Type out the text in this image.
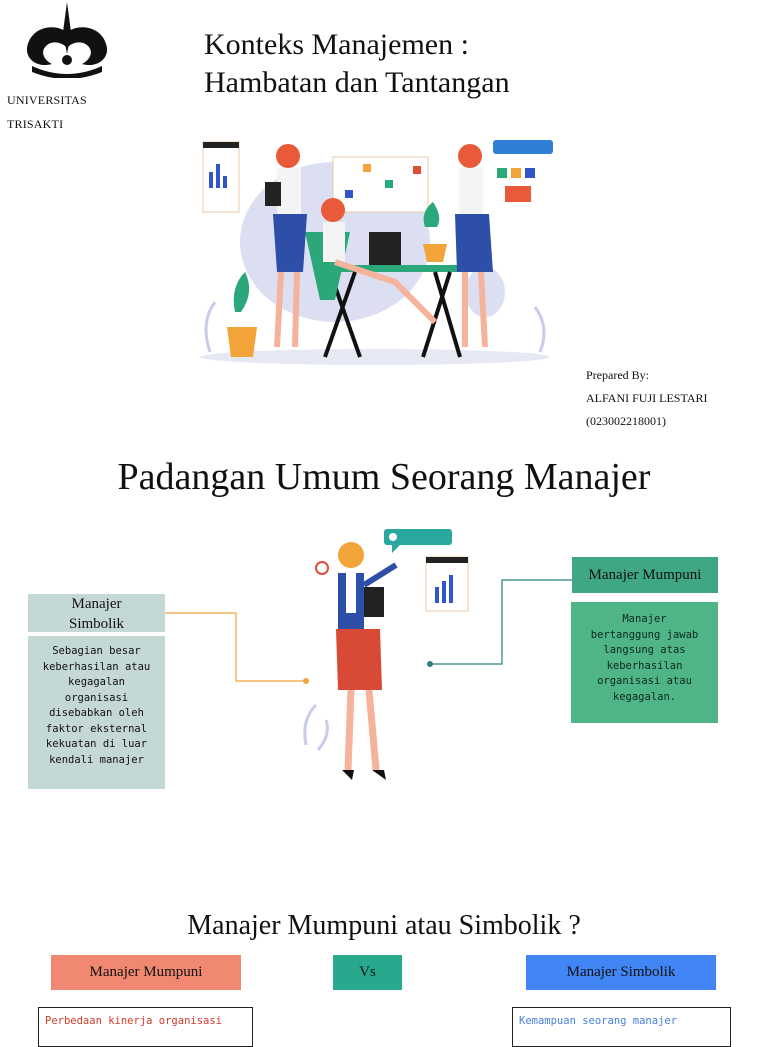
UNIVERSITAS
TRISAKTI
Konteks Manajemen :
Hambatan dan Tantangan
Prepared By:
ALFANI FUJI LESTARI
(023002218001)
Padangan Umum Seorang Manajer
Manajer
Simbolik
Sebagian besar
keberhasilan atau
kegagalan
organisasi
disebabkan oleh
faktor eksternal
kekuatan di luar
kendali manajer
Manajer Mumpuni
Manajer
bertanggung jawab
langsung atas
keberhasilan
organisasi atau
kegagalan.
Manajer Mumpuni atau Simbolik ?
Manajer Mumpuni	Vs	Manajer Simbolik
Perbedaan kinerja organisasi	Kemampuan seorang manajer
